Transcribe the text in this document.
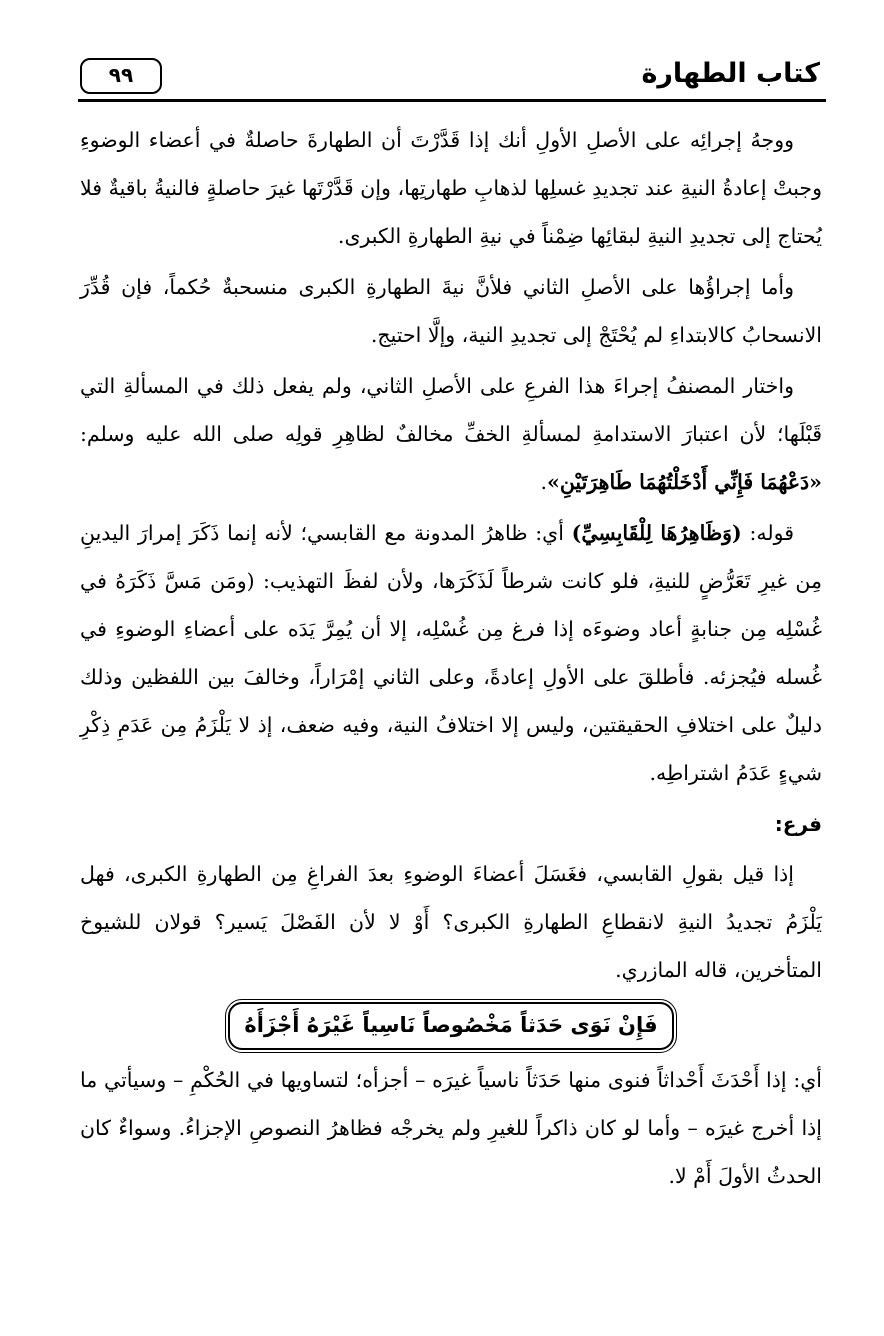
كتاب الطهارة
٩٩

ووجهُ إجرائِه على الأصلِ الأولِ أنك إذا قَدَّرْتَ أن الطهارةَ حاصلةٌ في أعضاء الوضوءِ وجبتْ إعادةُ النيةِ عند تجديدِ غسلِها لذهابِ طهارتِها، وإن قَدَّرْتَها غيرَ حاصلةٍ فالنيةُ باقيةٌ فلا يُحتاج إلى تجديدِ النيةِ لبقائِها ضِمْناً في نيةِ الطهارةِ الكبرى.

وأما إجراؤُها على الأصلِ الثاني فلأنَّ نيةَ الطهارةِ الكبرى منسحبةٌ حُكماً، فإن قُدِّرَ الانسحابُ كالابتداءِ لم يُحْتَجْ إلى تجديدِ النية، وإلَّا احتيج.

واختار المصنفُ إجراءَ هذا الفرعِ على الأصلِ الثاني، ولم يفعل ذلك في المسألةِ التي قَبْلَها؛ لأن اعتبارَ الاستدامةِ لمسألةِ الخفِّ مخالفٌ لظاهِرِ قولِه صلى الله عليه وسلم: «دَعْهُمَا فَإِنِّي أَدْخَلْتُهُمَا طَاهِرَتَيْنِ».

قوله: (وَظَاهِرُهَا لِلْقَابِسِيِّ) أي: ظاهرُ المدونة مع القابسي؛ لأنه إنما ذَكَرَ إمرارَ اليدينِ مِن غيرِ تَعَرُّضٍ للنيةِ، فلو كانت شرطاً لَذَكَرَها، ولأن لفظَ التهذيب: (ومَن مَسَّ ذَكَرَهُ في غُسْلِه مِن جنابةٍ أعاد وضوءَه إذا فرغ مِن غُسْلِه، إلا أن يُمِرَّ يَدَه على أعضاءِ الوضوءِ في غُسله فيُجزئه. فأطلقَ على الأولِ إعادةً، وعلى الثاني إمْرَاراً، وخالفَ بين اللفظين وذلك دليلٌ على اختلافِ الحقيقتين، وليس إلا اختلافُ النية، وفيه ضعف، إذ لا يَلْزَمُ مِن عَدَمِ ذِكْرِ شيءٍ عَدَمُ اشتراطِه.

فرع:

إذا قيل بقولِ القابسي، فغَسَلَ أعضاءَ الوضوءِ بعدَ الفراغِ مِن الطهارةِ الكبرى، فهل يَلْزَمُ تجديدُ النيةِ لانقطاعِ الطهارةِ الكبرى؟ أَوْ لا لأن الفَصْلَ يَسير؟ قولان للشيوخ المتأخرين، قاله المازري.

فَإِنْ نَوَى حَدَثاً مَخْصُوصاً نَاسِياً غَيْرَهُ أَجْزَأَهُ

أي: إذا أَحْدَثَ أَحْداثاً فنوى منها حَدَثاً ناسياً غيرَه – أجزأه؛ لتساويها في الحُكْمِ – وسيأتي ما إذا أخرج غيرَه – وأما لو كان ذاكراً للغيرِ ولم يخرجْه فظاهرُ النصوصِ الإجزاءُ. وسواءٌ كان الحدثُ الأولَ أَمْ لا.
